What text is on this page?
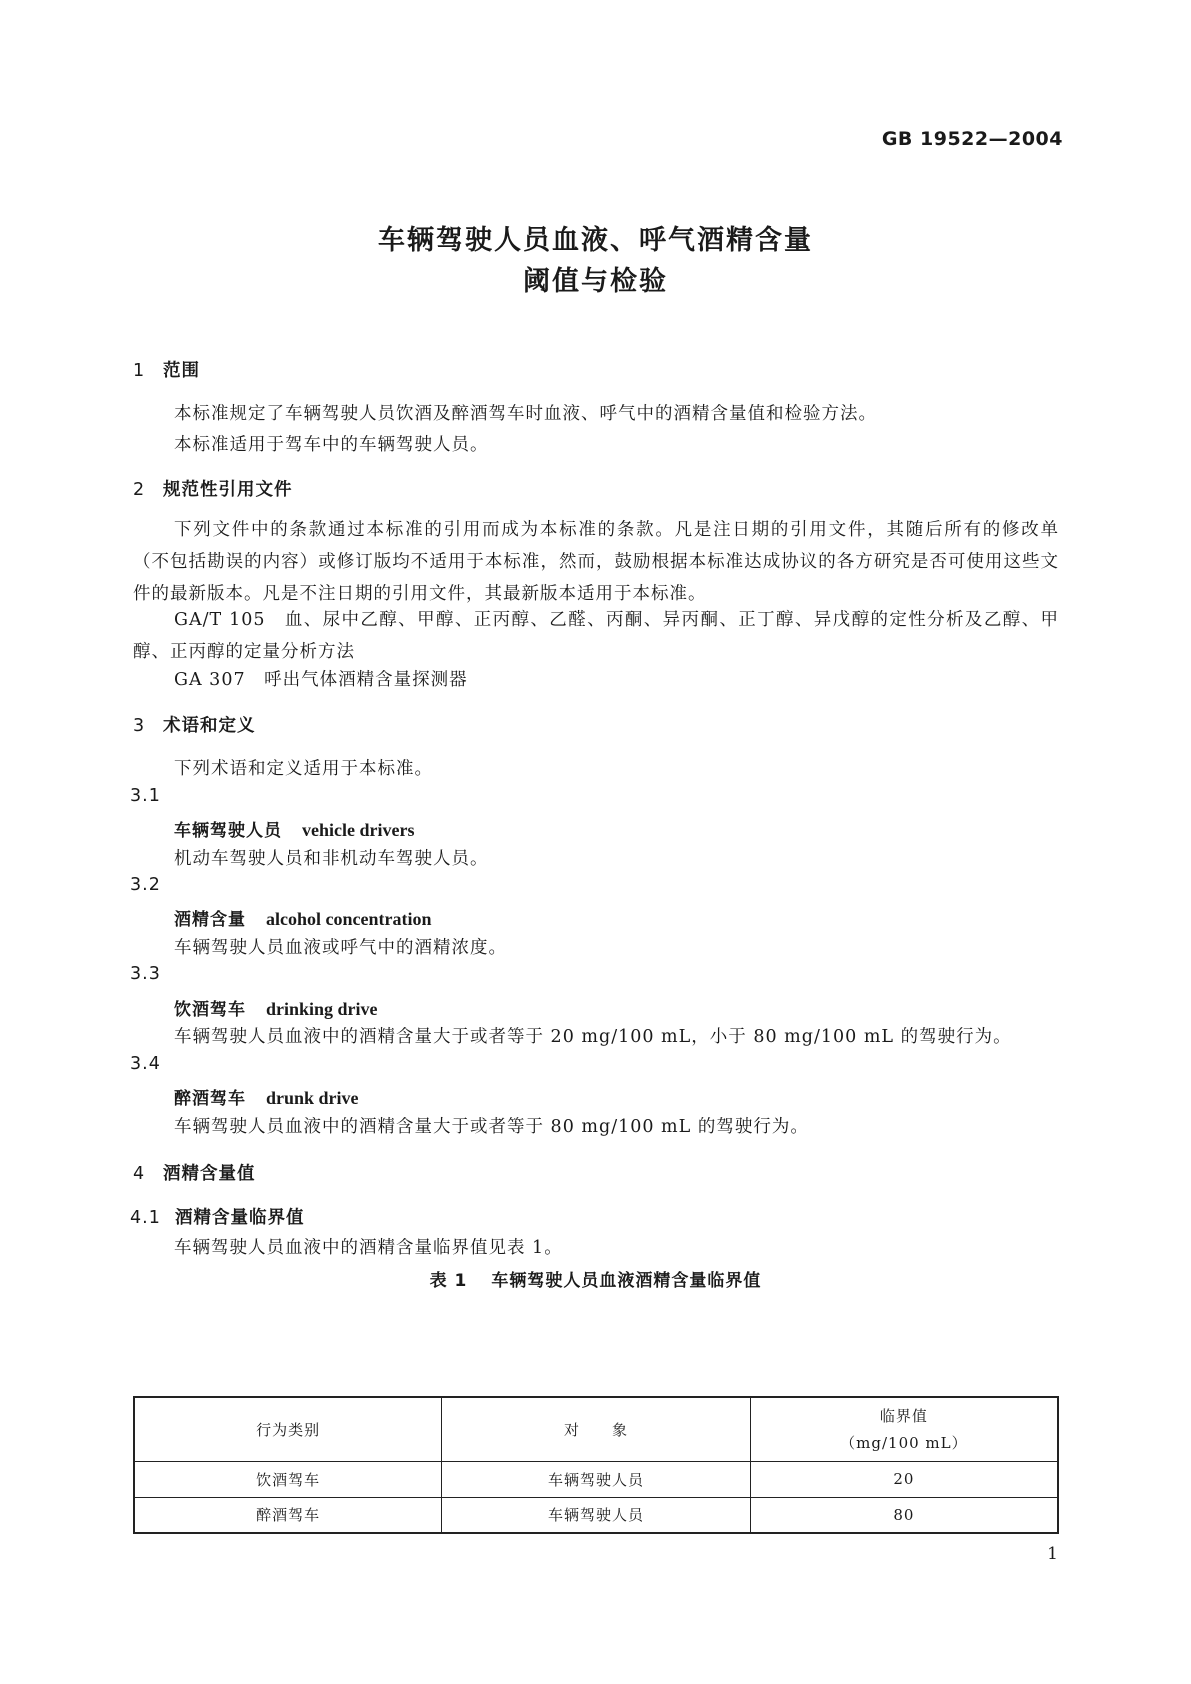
GB 19522—2004
车辆驾驶人员血液、呼气酒精含量
阈值与检验
1 范围
本标准规定了车辆驾驶人员饮酒及醉酒驾车时血液、呼气中的酒精含量值和检验方法。
本标准适用于驾车中的车辆驾驶人员。
2 规范性引用文件
下列文件中的条款通过本标准的引用而成为本标准的条款。凡是注日期的引用文件，其随后所有的修改单（不包括勘误的内容）或修订版均不适用于本标准，然而，鼓励根据本标准达成协议的各方研究是否可使用这些文件的最新版本。凡是不注日期的引用文件，其最新版本适用于本标准。
GA/T 105　血、尿中乙醇、甲醇、正丙醇、乙醛、丙酮、异丙酮、正丁醇、异戊醇的定性分析及乙醇、甲醇、正丙醇的定量分析方法
GA 307　呼出气体酒精含量探测器
3 术语和定义
下列术语和定义适用于本标准。
3.1
车辆驾驶人员 vehicle drivers
机动车驾驶人员和非机动车驾驶人员。
3.2
酒精含量 alcohol concentration
车辆驾驶人员血液或呼气中的酒精浓度。
3.3
饮酒驾车 drinking drive
车辆驾驶人员血液中的酒精含量大于或者等于 20 mg/100 mL，小于 80 mg/100 mL 的驾驶行为。
3.4
醉酒驾车 drunk drive
车辆驾驶人员血液中的酒精含量大于或者等于 80 mg/100 mL 的驾驶行为。
4 酒精含量值
4.1 酒精含量临界值
车辆驾驶人员血液中的酒精含量临界值见表 1。
表 1 车辆驾驶人员血液酒精含量临界值
行为类别	对　　象	临界值
（mg/100 mL）

饮酒驾车	车辆驾驶人员	20
醉酒驾车	车辆驾驶人员	80
1
